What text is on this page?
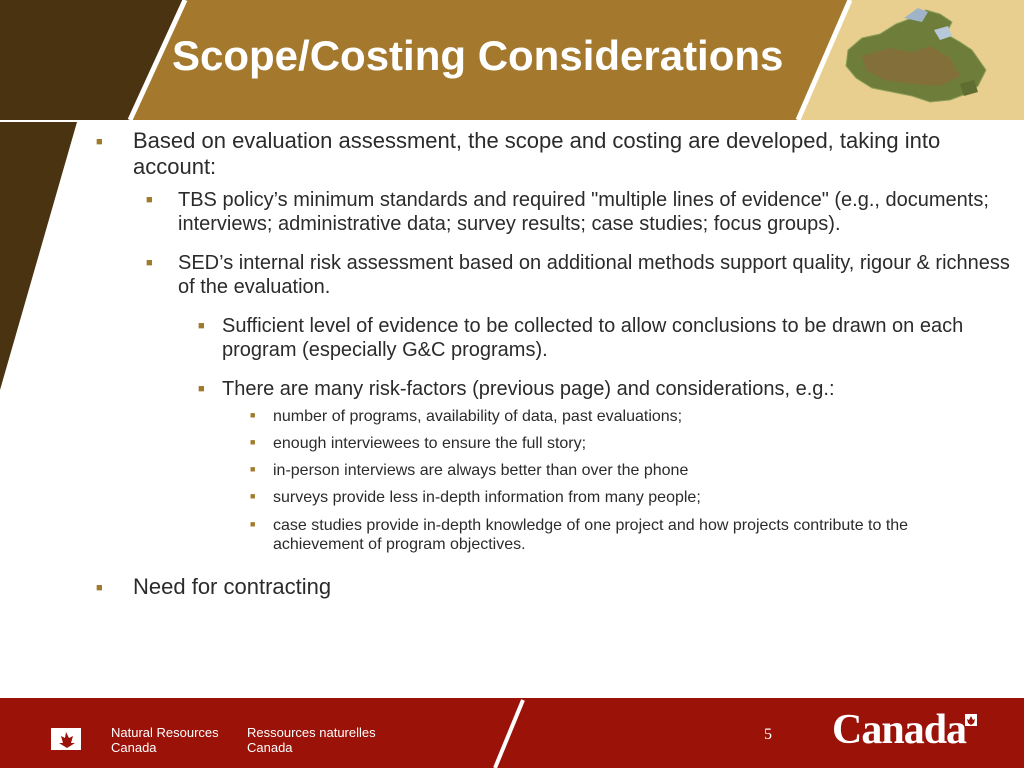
Scope/Costing Considerations
■ Based on evaluation assessment, the scope and costing are developed, taking into account:
■ TBS policy’s minimum standards and required "multiple lines of evidence" (e.g., documents; interviews; administrative data; survey results; case studies; focus groups).
■ SED’s internal risk assessment based on additional methods support quality, rigour & richness of the evaluation.
■ Sufficient level of evidence to be collected to allow conclusions to be drawn on each program (especially G&C programs).
■ There are many risk-factors (previous page) and considerations, e.g.:
■ number of programs, availability of data, past evaluations;
■ enough interviewees to ensure the full story;
■ in-person interviews are always better than over the phone
■ surveys provide less in-depth information from many people;
■ case studies provide in-depth knowledge of one project and how projects contribute to the achievement of program objectives.
■ Need for contracting
Natural Resources
Canada
Ressources naturelles
Canada
5 Canada
